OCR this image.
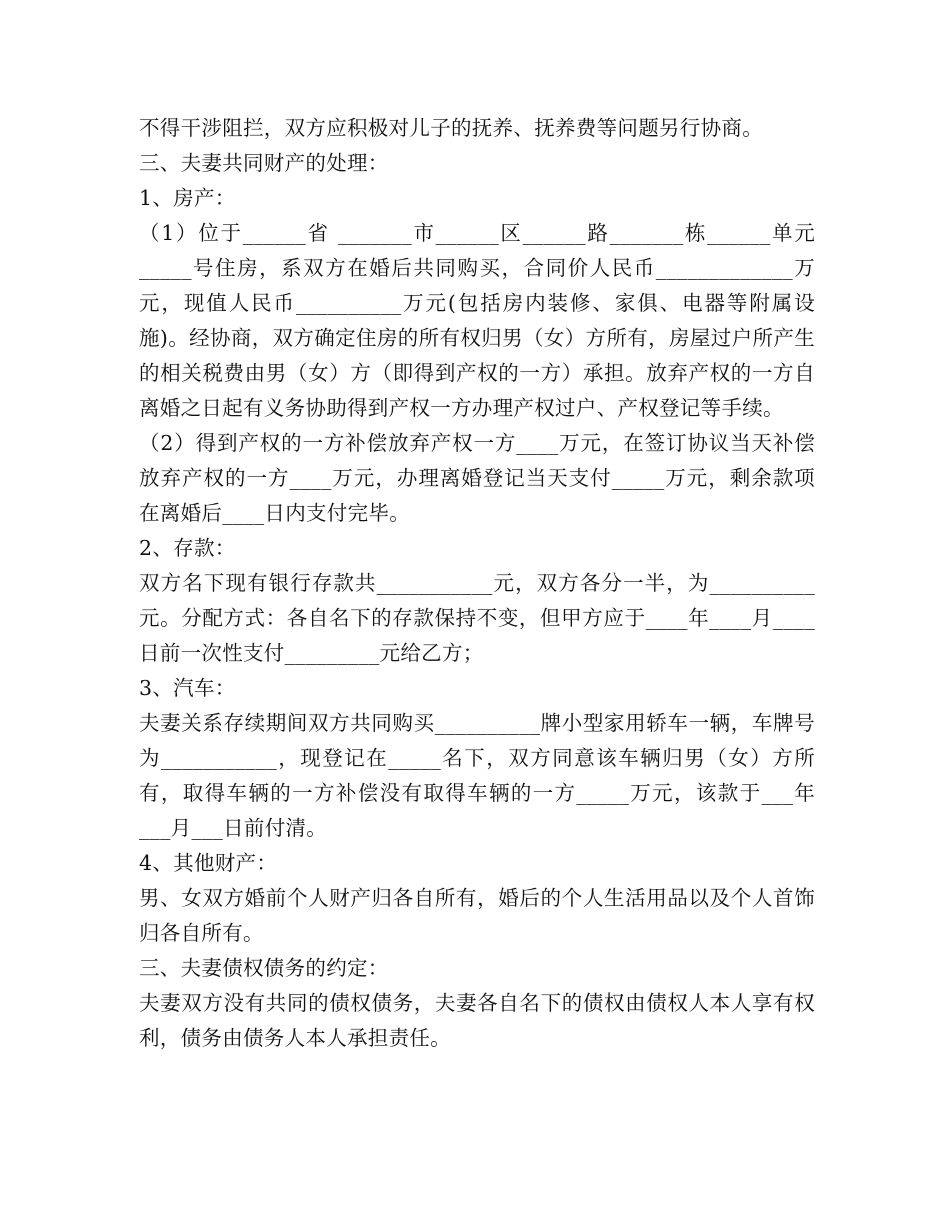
不得干涉阻拦，双方应积极对儿子的抚养、抚养费等问题另行协商。

三、夫妻共同财产的处理：

1、房产：

（1）位于______省 _______市______区______路_______栋______单元_____号住房，系双方在婚后共同购买，合同价人民币_____________万元，现值人民币__________万元(包括房内装修、家俱、电器等附属设施)。经协商，双方确定住房的所有权归男（女）方所有，房屋过户所产生的相关税费由男（女）方（即得到产权的一方）承担。放弃产权的一方自离婚之日起有义务协助得到产权一方办理产权过户、产权登记等手续。

（2）得到产权的一方补偿放弃产权一方____万元，在签订协议当天补偿放弃产权的一方____万元，办理离婚登记当天支付_____万元，剩余款项在离婚后____日内支付完毕。

2、存款：

双方名下现有银行存款共___________元，双方各分一半，为__________元。分配方式：各自名下的存款保持不变，但甲方应于____年____月____日前一次性支付_________元给乙方；

3、汽车：

夫妻关系存续期间双方共同购买__________牌小型家用轿车一辆，车牌号为___________，现登记在_____名下，双方同意该车辆归男（女）方所有，取得车辆的一方补偿没有取得车辆的一方_____万元，该款于___年___月___日前付清。

4、其他财产：

男、女双方婚前个人财产归各自所有，婚后的个人生活用品以及个人首饰归各自所有。

三、夫妻债权债务的约定：

夫妻双方没有共同的债权债务，夫妻各自名下的债权由债权人本人享有权利，债务由债务人本人承担责任。
